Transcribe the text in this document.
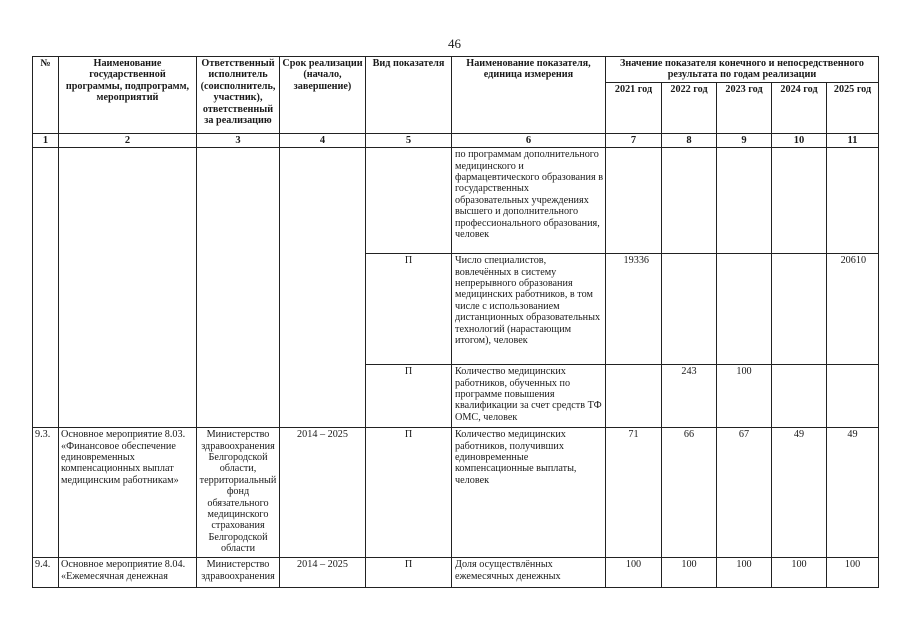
46
№	Наименование государственной программы, подпрограмм, мероприятий	Ответственный исполнитель (соисполнитель, участник), ответственный за реализацию	Срок реализации (начало, завершение)	Вид показателя	Наименование показателя, единица измерения	Значение показателя конечного и непосредственного результата по годам реализации				
						2021 год	2022 год	2023 год	2024 год	2025 год
1	2	3	4	5	6	7	8	9	10	11
					по программам дополнительного медицинского и фармацевтического образования в государственных образовательных учреждениях высшего и дополнительного профессионального образования, человек					
				П	Число специалистов, вовлечённых в систему непрерывного образования медицинских работников, в том числе с использованием дистанционных образовательных технологий (нарастающим итогом), человек	19336				20610
				П	Количество медицинских работников, обученных по программе повышения квалификации за счет средств ТФ ОМС, человек		243	100		
9.3.	Основное мероприятие 8.03. «Финансовое обеспечение единовременных компенсационных выплат медицинским работникам»	Министерство здравоохранения Белгородской области, территориальный фонд обязательного медицинского страхования Белгородской области	2014 – 2025	П	Количество медицинских работников, получивших единовременные компенсационные выплаты, человек	71	66	67	49	49
9.4.	Основное мероприятие 8.04. «Ежемесячная денежная	Министерство здравоохранения	2014 – 2025	П	Доля осуществлённых ежемесячных денежных	100	100	100	100	100
